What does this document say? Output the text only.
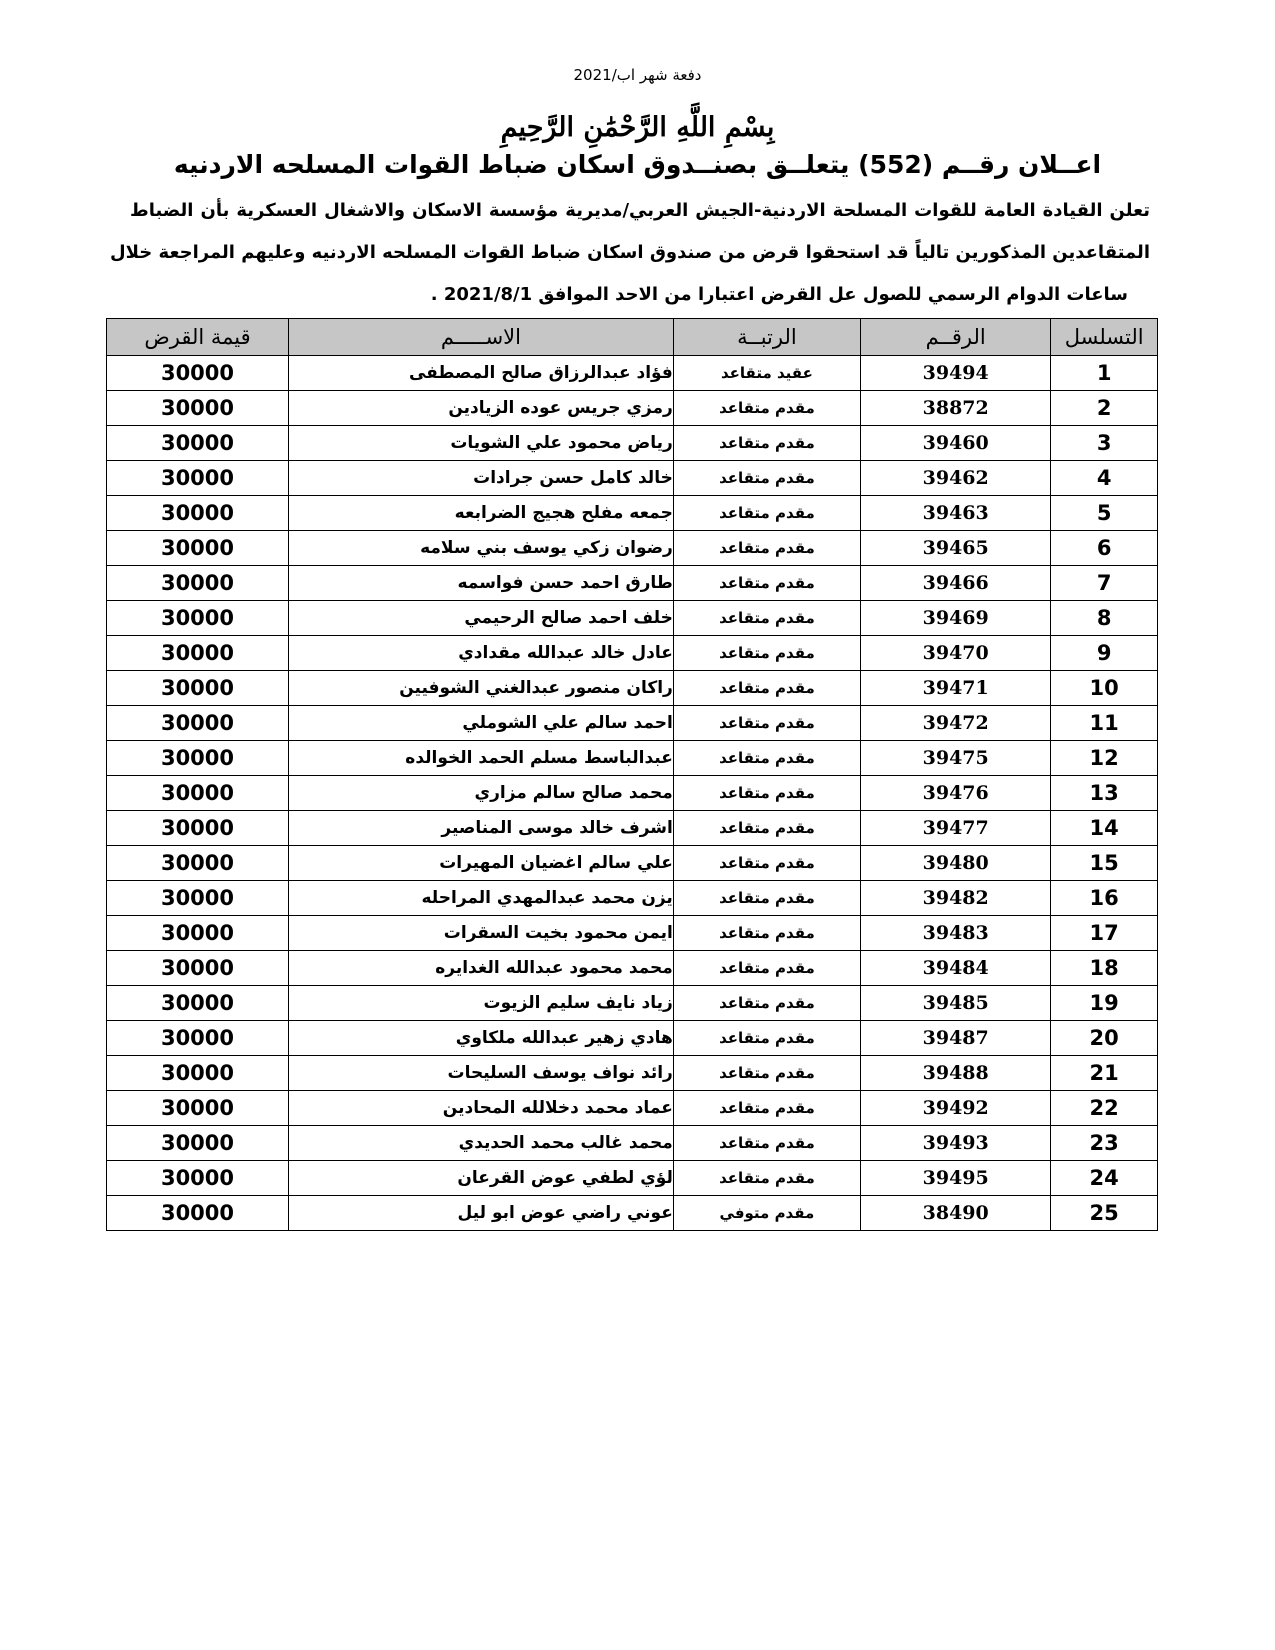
دفعة شهر اب/2021
بِسْمِ اللَّهِ الرَّحْمَٰنِ الرَّحِيمِ
اعــلان رقــم (552) يتعلــق بصنــدوق اسكان ضباط القوات المسلحه الاردنيه
تعلن القيادة العامة للقوات المسلحة الاردنية-الجيش العربي/مديرية مؤسسة الاسكان والاشغال العسكرية بأن الضباط
المتقاعدين المذكورين تالياً قد استحقوا قرض من صندوق اسكان ضباط القوات المسلحه الاردنيه وعليهم المراجعة خلال
ساعات الدوام الرسمي للصول عل القرض اعتبارا من الاحد الموافق 2021/8/1 .
التسلسل	الرقــم	الرتبــة	الاســـــم	قيمة القرض
1	39494	عقيد متقاعد	فؤاد عبدالرزاق صالح المصطفى	30000
2	38872	مقدم متقاعد	رمزي جريس عوده الزيادين	30000
3	39460	مقدم متقاعد	رياض محمود علي الشويات	30000
4	39462	مقدم متقاعد	خالد كامل حسن جرادات	30000
5	39463	مقدم متقاعد	جمعه مفلح هجيج الضرابعه	30000
6	39465	مقدم متقاعد	رضوان زكي يوسف بني سلامه	30000
7	39466	مقدم متقاعد	طارق احمد حسن فواسمه	30000
8	39469	مقدم متقاعد	خلف احمد صالح الرحيمي	30000
9	39470	مقدم متقاعد	عادل خالد عبدالله مقدادي	30000
10	39471	مقدم متقاعد	راكان منصور عبدالغني الشوفيين	30000
11	39472	مقدم متقاعد	احمد سالم علي الشوملي	30000
12	39475	مقدم متقاعد	عبدالباسط مسلم الحمد الخوالده	30000
13	39476	مقدم متقاعد	محمد صالح سالم مزاري	30000
14	39477	مقدم متقاعد	اشرف خالد موسى المناصير	30000
15	39480	مقدم متقاعد	علي سالم اغضيان المهيرات	30000
16	39482	مقدم متقاعد	يزن محمد عبدالمهدي المراحله	30000
17	39483	مقدم متقاعد	ايمن محمود بخيت السقرات	30000
18	39484	مقدم متقاعد	محمد محمود عبدالله الغدايره	30000
19	39485	مقدم متقاعد	زياد نايف سليم الزيوت	30000
20	39487	مقدم متقاعد	هادي زهير عبدالله ملكاوي	30000
21	39488	مقدم متقاعد	رائد نواف يوسف السليحات	30000
22	39492	مقدم متقاعد	عماد محمد دخلالله المحادين	30000
23	39493	مقدم متقاعد	محمد غالب محمد الحديدي	30000
24	39495	مقدم متقاعد	لؤي لطفي عوض القرعان	30000
25	38490	مقدم متوفي	عوني راضي عوض ابو ليل	30000
